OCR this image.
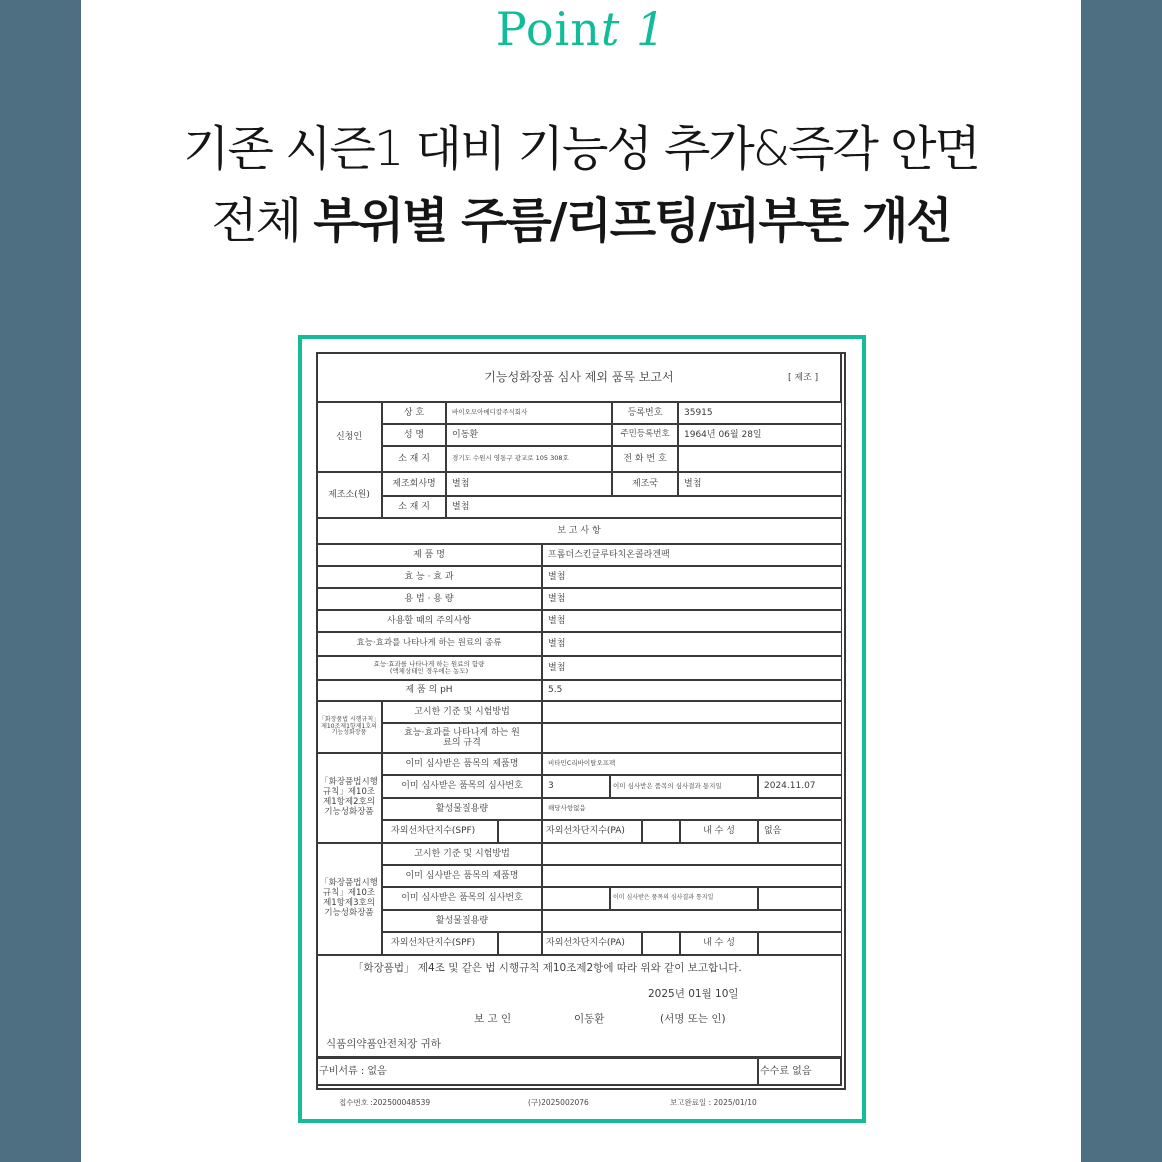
Point 1
기존 시즌1 대비 기능성 추가&즉각 안면
전체 부위별 주름/리프팅/피부톤 개선
기능성화장품 심사 제외 품목 보고서	[ 제조 ]
신청인
상 호	바이오모아메디칼주식회사	등록번호	35915
성 명	이동환	주민등록번호	1964년 06월 28일
소 재 지	경기도 수원시 영통구 광교로 105 308호	전 화 번 호
제조소(원)
제조회사명	별첨	제조국	별첨
소 재 지	별첨
보 고 사 항
제 품 명	프롬더스킨글루타치온콜라겐팩
효 능 · 효 과	별첨
용 법 · 용 량	별첨
사용할 때의 주의사항	별첨
효능·효과를 나타나게 하는 원료의 종류	별첨
효능·효과를 나타나게 하는 원료의 함량
(액체상태인 경우에는 농도)	별첨
제 품 의 pH	5.5
「화장품법 시행규칙」 제10조제1항제1호의 기능성화장품
고시한 기준 및 시험방법
효능·효과를 나타나게 하는 원료의 규격
「화장품법시행규칙」제10조제1항제2호의기능성화장품
이미 심사받은 품목의 제품명	비타민C리바이탈오프팩
이미 심사받은 품목의 심사번호	3	이미 심사받은 품목의 심사결과 통지일	2024.11.07
활성물질용량	해당사항없음
자외선차단지수(SPF)	자외선차단지수(PA)	내 수 성	없음
「화장품법시행규칙」제10조제1항제3호의기능성화장품
고시한 기준 및 시험방법
이미 심사받은 품목의 제품명
이미 심사받은 품목의 심사번호	이미 심사받은 품목의 심사결과 통지일
활성물질용량
자외선차단지수(SPF)	자외선차단지수(PA)	내 수 성
「화장품법」 제4조 및 같은 법 시행규칙 제10조제2항에 따라 위와 같이 보고합니다.
2025년 01월 10일
보 고 인	이동환	(서명 또는 인)
식품의약품안전처장 귀하
구비서류 : 없음	수수료 없음
접수번호 :202500048539	(구)2025002076	보고완료일 : 2025/01/10
